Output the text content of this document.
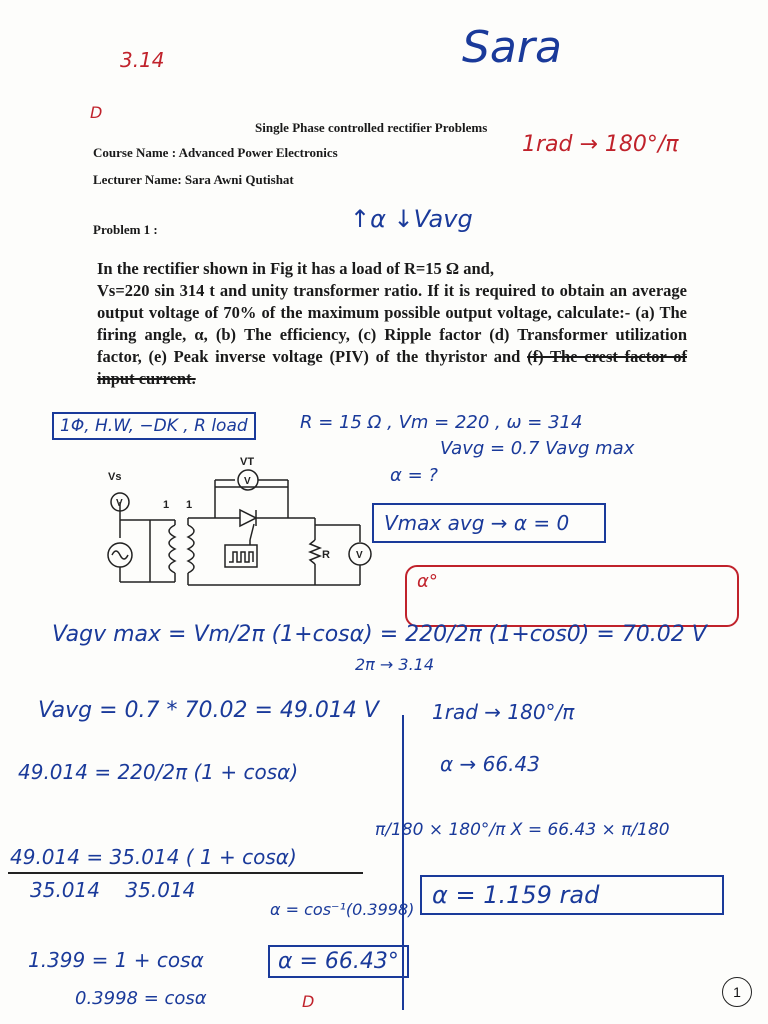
Sara
3.14
D
1rad → 180°/π
Single Phase controlled rectifier Problems
Course Name : Advanced Power Electronics
Lecturer Name: Sara Awni Qutishat
Problem 1 :	↑α ↓Vavg

In the rectifier shown in Fig it has a load of R=15 Ω and,

Vs=220 sin 314 t and unity transformer ratio. If it is required to obtain an average output voltage of 70% of the maximum possible output voltage, calculate:- (a) The firing angle, α, (b) The efficiency, (c) Ripple factor (d) Transformer utilization factor, (e) Peak inverse voltage (PIV) of the thyristor and (f) The crest factor of input current.

1Φ, H.W, −DK , R load	R = 15 Ω , Vm = 220 , ω = 314
Vavg = 0.7 Vavg max
α = ?
Vs
VT
1 1
R
V
V
V
Vmax avg → α = 0
α°
Vagv max = Vm/2π (1+cosα) = 220/2π (1+cos0) = 70.02 V
2π → 3.14
Vavg = 0.7 * 70.02 = 49.014 V	1rad → 180°/π
α → 66.43
49.014 = 220/2π (1 + cosα)
π/180 × 180°/π X = 66.43 × π/180
49.014 = 35.014 ( 1 + cosα)
35.014    35.014	α = 1.159 rad
α = cos⁻¹(0.3998)
α = 66.43°
1.399 = 1 + cosα
0.3998 = cosα	D	1
